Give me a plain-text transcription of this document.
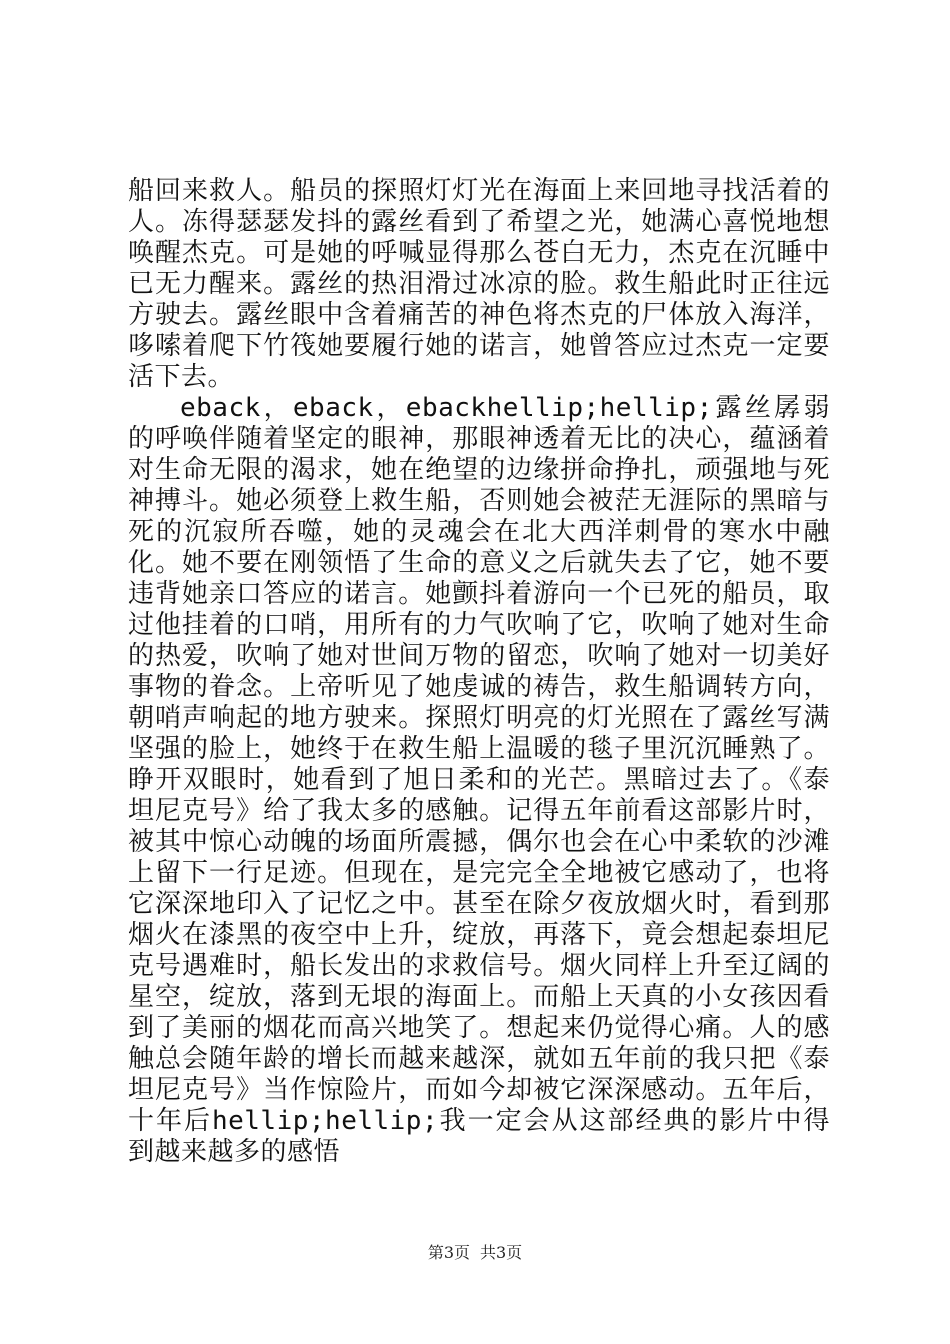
船回来救人。船员的探照灯灯光在海面上来回地寻找活着的人。冻得瑟瑟发抖的露丝看到了希望之光，她满心喜悦地想唤醒杰克。可是她的呼喊显得那么苍白无力，杰克在沉睡中已无力醒来。露丝的热泪滑过冰凉的脸。救生船此时正往远方驶去。露丝眼中含着痛苦的神色将杰克的尸体放入海洋，哆嗦着爬下竹筏她要履行她的诺言，她曾答应过杰克一定要活下去。

eback，eback，ebackhellip;hellip;露丝孱弱的呼唤伴随着坚定的眼神，那眼神透着无比的决心，蕴涵着对生命无限的渴求，她在绝望的边缘拼命挣扎，顽强地与死神搏斗。她必须登上救生船，否则她会被茫无涯际的黑暗与死的沉寂所吞噬，她的灵魂会在北大西洋刺骨的寒水中融化。她不要在刚领悟了生命的意义之后就失去了它，她不要违背她亲口答应的诺言。她颤抖着游向一个已死的船员，取过他挂着的口哨，用所有的力气吹响了它，吹响了她对生命的热爱，吹响了她对世间万物的留恋，吹响了她对一切美好事物的眷念。上帝听见了她虔诚的祷告，救生船调转方向，朝哨声响起的地方驶来。探照灯明亮的灯光照在了露丝写满坚强的脸上，她终于在救生船上温暖的毯子里沉沉睡熟了。睁开双眼时，她看到了旭日柔和的光芒。黑暗过去了。《泰坦尼克号》给了我太多的感触。记得五年前看这部影片时，被其中惊心动魄的场面所震撼，偶尔也会在心中柔软的沙滩上留下一行足迹。但现在，是完完全全地被它感动了，也将它深深地印入了记忆之中。甚至在除夕夜放烟火时，看到那烟火在漆黑的夜空中上升，绽放，再落下，竟会想起泰坦尼克号遇难时，船长发出的求救信号。烟火同样上升至辽阔的星空，绽放，落到无垠的海面上。而船上天真的小女孩因看到了美丽的烟花而高兴地笑了。想起来仍觉得心痛。人的感触总会随年龄的增长而越来越深，就如五年前的我只把《泰坦尼克号》当作惊险片，而如今却被它深深感动。五年后，十年后hellip;hellip;我一定会从这部经典的影片中得到越来越多的感悟

第3页 共3页
